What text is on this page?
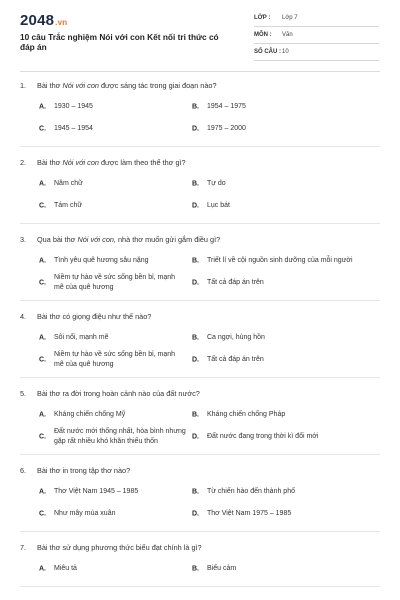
2048.vn
10 câu Trắc nghiệm Nói với con Kết nối tri thức có đáp án
LỚP : Lớp 7
MÔN : Văn
SỐ CÂU : 10
1. Bài thơ Nói với con được sáng tác trong giai đoạn nào?
A. 1930 – 1945	B. 1954 – 1975
C. 1945 – 1954	D. 1975 – 2000
2. Bài thơ Nói với con được làm theo thể thơ gì?
A. Năm chữ	B. Tự do
C. Tám chữ	D. Lục bát
3. Qua bài thơ Nói với con, nhà thơ muốn gửi gắm điều gì?
A. Tình yêu quê hương sâu nặng	B. Triết lí về cội nguồn sinh dưỡng của mỗi người
C.
Niềm tự hào về sức sống bền bỉ, mạnh mẽ của quê hương
D. Tất cả đáp án trên
4. Bài thơ có giọng điệu như thế nào?
A. Sôi nổi, mạnh mẽ	B. Ca ngợi, hùng hồn
C.
Niềm tự hào về sức sống bền bỉ, mạnh mẽ của quê hương
D. Tất cả đáp án trên
5. Bài thơ ra đời trong hoàn cảnh nào của đất nước?
A. Kháng chiến chống Mỹ	B. Kháng chiến chống Pháp
C.
Đất nước mới thống nhất, hòa bình nhưng gặp rất nhiều khó khăn thiếu thốn
D. Đất nước đang trong thời kì đổi mới
6. Bài thơ in trong tập thơ nào?
A. Thơ Việt Nam 1945 – 1985	B. Từ chiến hào đến thành phố
C. Như mây mùa xuân	D. Thơ Việt Nam 1975 – 1985
7. Bài thơ sử dụng phương thức biểu đạt chính là gì?
A. Miêu tả	B. Biểu cảm
